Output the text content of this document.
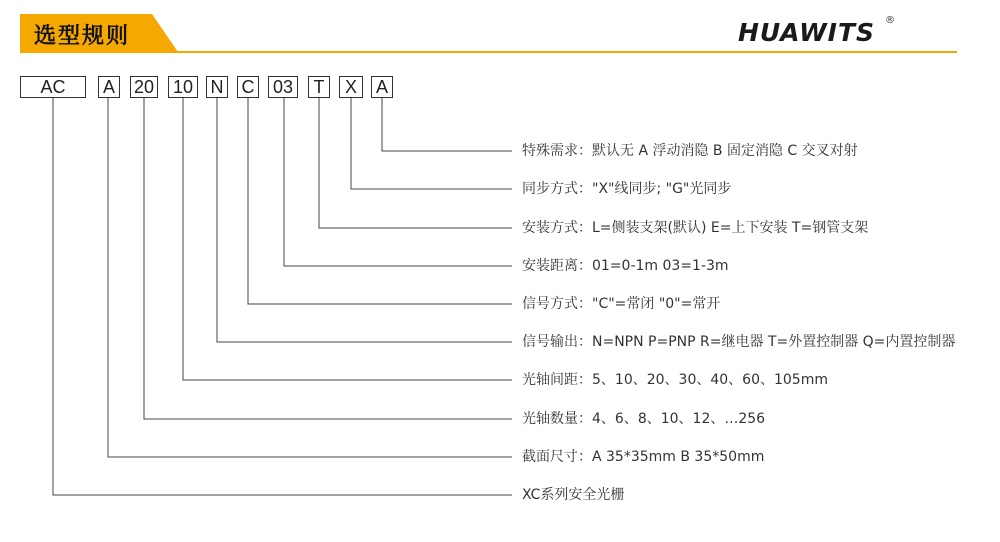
选型规则	HUAWITS ®
AC	A 20 10 N C 03	T	X	A
特殊需求：默认无 A 浮动消隐 B 固定消隐 C 交叉对射
同步方式："X"线同步; "G"光同步
安装方式：L=侧装支架(默认) E=上下安装 T=钢管支架
安装距离：01=0-1m 03=1-3m
信号方式："C"=常闭 "0"=常开
信号输出：N=NPN P=PNP R=继电器 T=外置控制器 Q=内置控制器
光轴间距：5、10、20、30、40、60、105mm
光轴数量：4、6、8、10、12、…256
截面尺寸：A 35*35mm B 35*50mm
XC系列安全光栅
